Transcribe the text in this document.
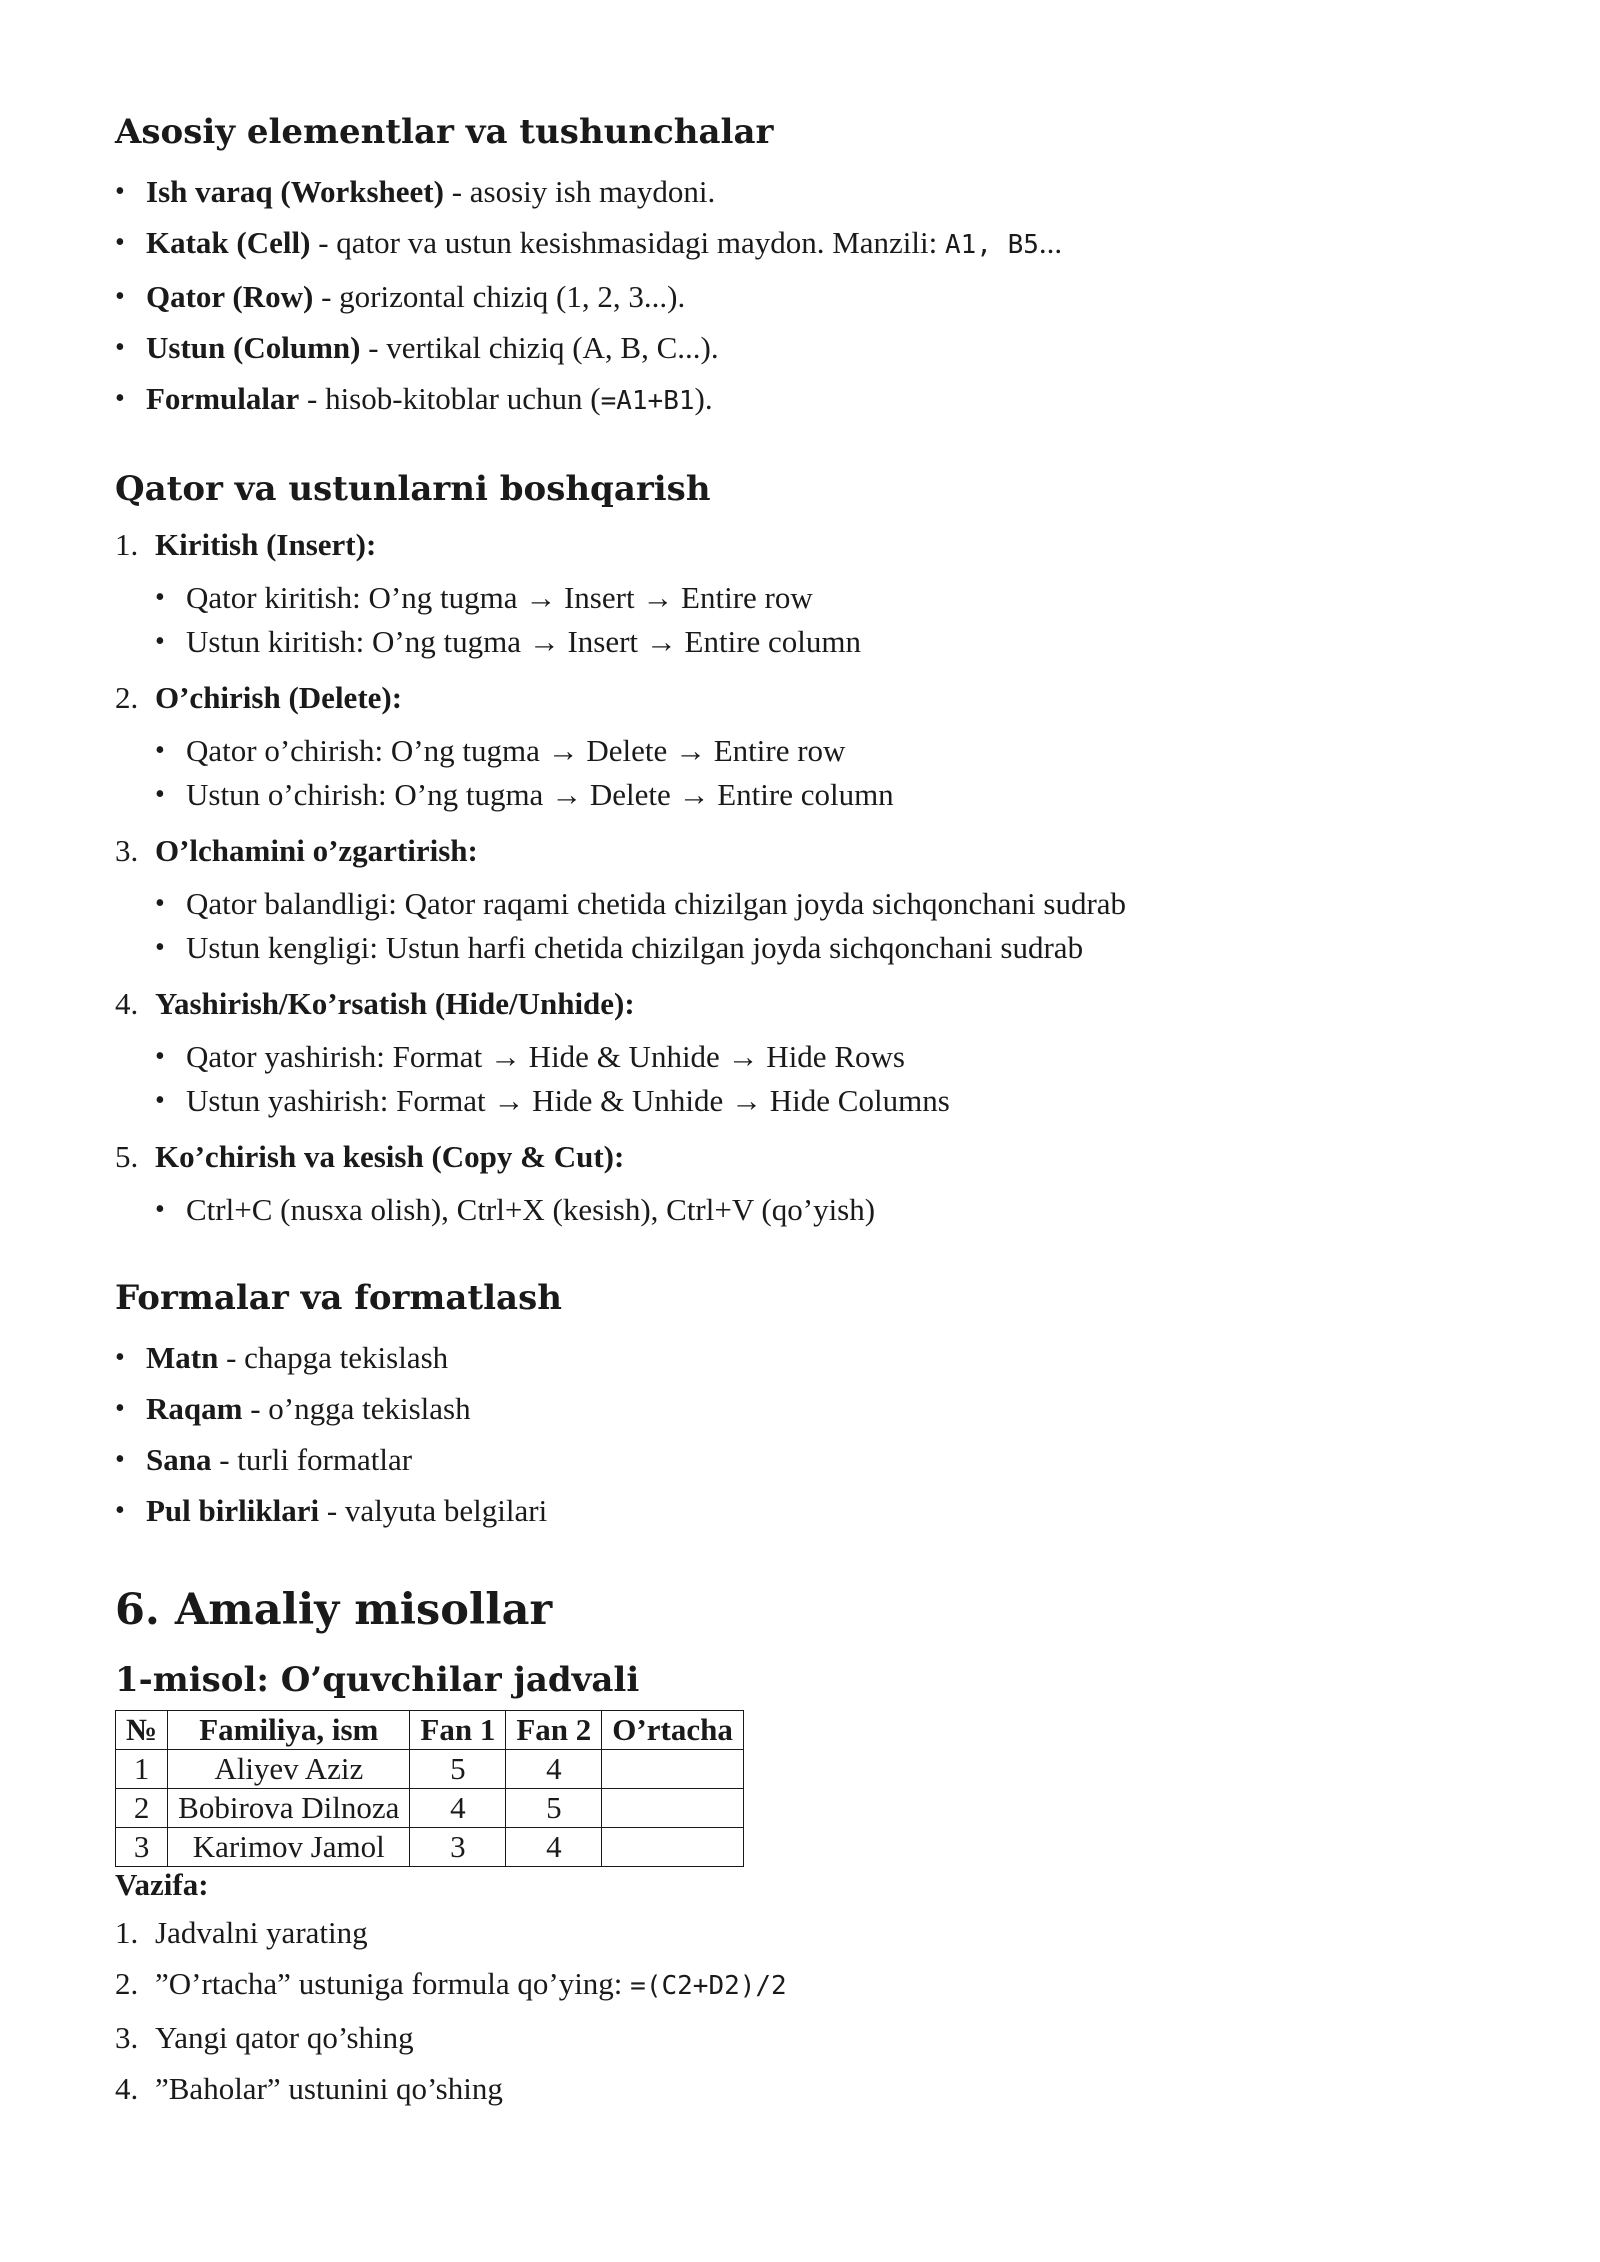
Asosiy elementlar va tushunchalar
• Ish varaq (Worksheet) - asosiy ish maydoni.
• Katak (Cell) - qator va ustun kesishmasidagi maydon. Manzili: A1, B5...
• Qator (Row) - gorizontal chiziq (1, 2, 3...).
• Ustun (Column) - vertikal chiziq (A, B, C...).
• Formulalar - hisob-kitoblar uchun (=A1+B1).
Qator va ustunlarni boshqarish
1. Kiritish (Insert):
• Qator kiritish: O’ng tugma → Insert → Entire row
• Ustun kiritish: O’ng tugma → Insert → Entire column
2. O’chirish (Delete):
• Qator o’chirish: O’ng tugma → Delete → Entire row
• Ustun o’chirish: O’ng tugma → Delete → Entire column
3. O’lchamini o’zgartirish:
• Qator balandligi: Qator raqami chetida chizilgan joyda sichqonchani sudrab
• Ustun kengligi: Ustun harfi chetida chizilgan joyda sichqonchani sudrab
4. Yashirish/Ko’rsatish (Hide/Unhide):
• Qator yashirish: Format → Hide & Unhide → Hide Rows
• Ustun yashirish: Format → Hide & Unhide → Hide Columns
5. Ko’chirish va kesish (Copy & Cut):
• Ctrl+C (nusxa olish), Ctrl+X (kesish), Ctrl+V (qo’yish)
Formalar va formatlash
• Matn - chapga tekislash
• Raqam - o’ngga tekislash
• Sana - turli formatlar
• Pul birliklari - valyuta belgilari
6. Amaliy misollar
1-misol: O’quvchilar jadvali
№	Familiya, ism	Fan 1	Fan 2	O’rtacha
1	Aliyev Aziz	5	4	
2	Bobirova Dilnoza	4	5	
3	Karimov Jamol	3	4	

Vazifa:

1. Jadvalni yarating
2. ”O’rtacha” ustuniga formula qo’ying: =(C2+D2)/2
3. Yangi qator qo’shing
4. ”Baholar” ustunini qo’shing
